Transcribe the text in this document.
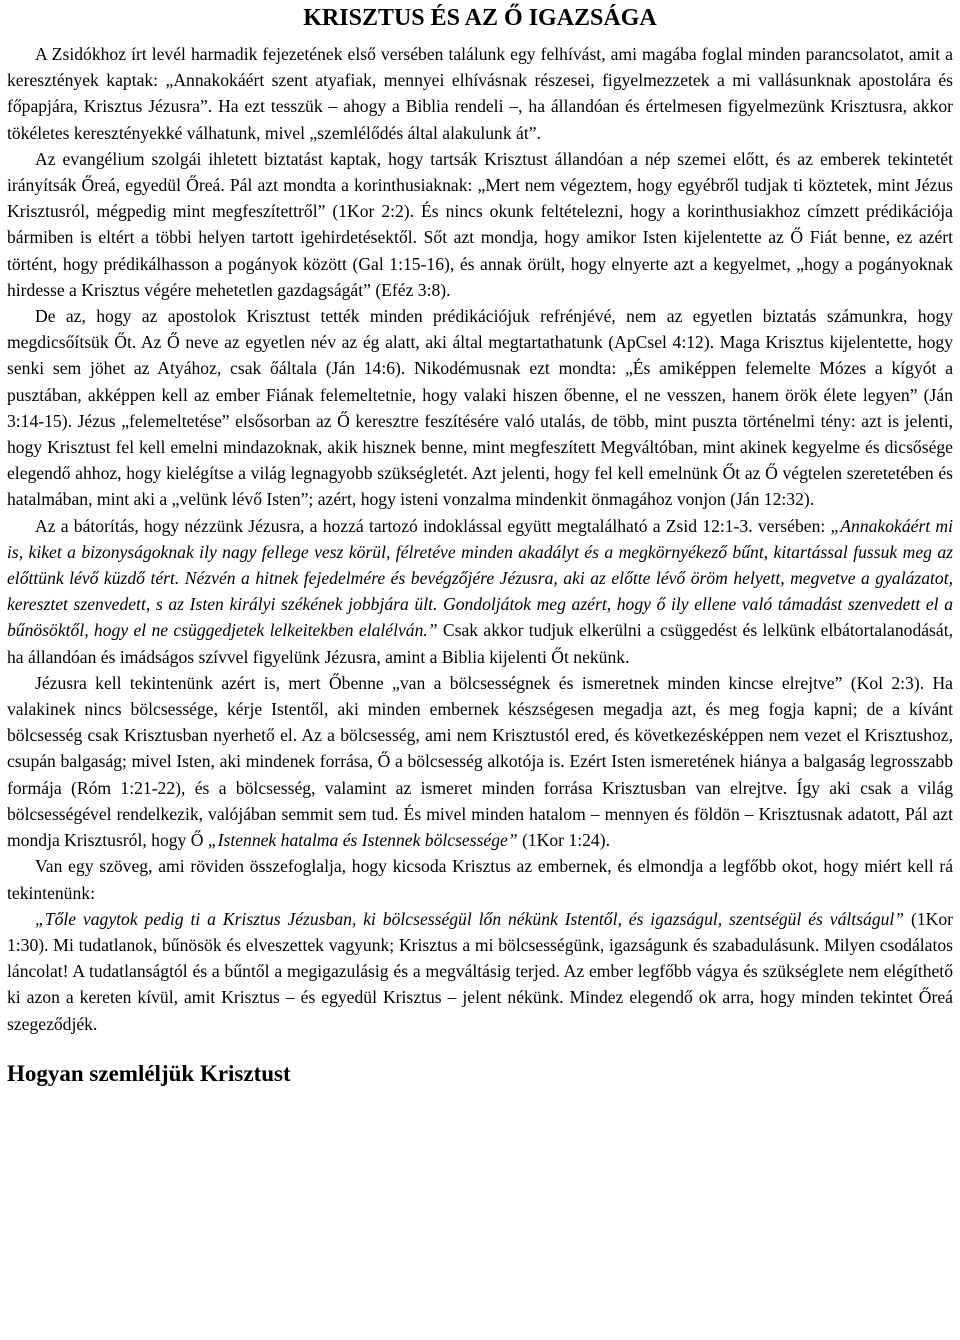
KRISZTUS ÉS AZ Ő IGAZSÁGA

A Zsidókhoz írt levél harmadik fejezetének első versében találunk egy felhívást, ami magába foglal minden parancsolatot, amit a keresztények kaptak: „Annakokáért szent atyafiak, mennyei elhívásnak részesei, figyelmezzetek a mi vallásunknak apostolára és főpapjára, Krisztus Jézusra”. Ha ezt tesszük – ahogy a Biblia rendeli –, ha állandóan és értelmesen figyelmezünk Krisztusra, akkor tökéletes keresztényekké válhatunk, mivel „szemlélődés által alakulunk át”.

Az evangélium szolgái ihletett biztatást kaptak, hogy tartsák Krisztust állandóan a nép szemei előtt, és az emberek tekintetét irányítsák Őreá, egyedül Őreá. Pál azt mondta a korinthusiaknak: „Mert nem végeztem, hogy egyébről tudjak ti köztetek, mint Jézus Krisztusról, mégpedig mint megfeszítettről” (1Kor 2:2). És nincs okunk feltételezni, hogy a korinthusiakhoz címzett prédikációja bármiben is eltért a többi helyen tartott igehirdetésektől. Sőt azt mondja, hogy amikor Isten kijelentette az Ő Fiát benne, ez azért történt, hogy prédikálhasson a pogányok között (Gal 1:15-16), és annak örült, hogy elnyerte azt a kegyelmet, „hogy a pogányoknak hirdesse a Krisztus végére mehetetlen gazdagságát” (Eféz 3:8).

De az, hogy az apostolok Krisztust tették minden prédikációjuk refrénjévé, nem az egyetlen biztatás számunkra, hogy megdicsőítsük Őt. Az Ő neve az egyetlen név az ég alatt, aki által megtartathatunk (ApCsel 4:12). Maga Krisztus kijelentette, hogy senki sem jöhet az Atyához, csak őáltala (Ján 14:6). Nikodémusnak ezt mondta: „És amiképpen felemelte Mózes a kígyót a pusztában, akképpen kell az ember Fiának felemeltetnie, hogy valaki hiszen őbenne, el ne vesszen, hanem örök élete legyen” (Ján 3:14-15). Jézus „felemeltetése” elsősorban az Ő keresztre feszítésére való utalás, de több, mint puszta történelmi tény: azt is jelenti, hogy Krisztust fel kell emelni mindazoknak, akik hisznek benne, mint megfeszített Megváltóban, mint akinek kegyelme és dicsősége elegendő ahhoz, hogy kielégítse a világ legnagyobb szükségletét. Azt jelenti, hogy fel kell emelnünk Őt az Ő végtelen szeretetében és hatalmában, mint aki a „velünk lévő Isten”; azért, hogy isteni vonzalma mindenkit önmagához vonjon (Ján 12:32).

Az a bátorítás, hogy nézzünk Jézusra, a hozzá tartozó indoklással együtt megtalálható a Zsid 12:1-3. versében: „Annakokáért mi is, kiket a bizonyságoknak ily nagy fellege vesz körül, félretéve minden akadályt és a megkörnyékező bűnt, kitartással fussuk meg az előttünk lévő küzdő tért. Nézvén a hitnek fejedelmére és bevégzőjére Jézusra, aki az előtte lévő öröm helyett, megvetve a gyalázatot, keresztet szenvedett, s az Isten királyi székének jobbjára ült. Gondoljátok meg azért, hogy ő ily ellene való támadást szenvedett el a bűnösöktől, hogy el ne csüggedjetek lelkeitekben elalélván.” Csak akkor tudjuk elkerülni a csüggedést és lelkünk elbátortalanodását, ha állandóan és imádságos szívvel figyelünk Jézusra, amint a Biblia kijelenti Őt nekünk.

Jézusra kell tekintenünk azért is, mert Őbenne „van a bölcsességnek és ismeretnek minden kincse elrejtve” (Kol 2:3). Ha valakinek nincs bölcsessége, kérje Istentől, aki minden embernek készségesen megadja azt, és meg fogja kapni; de a kívánt bölcsesség csak Krisztusban nyerhető el. Az a bölcsesség, ami nem Krisztustól ered, és következésképpen nem vezet el Krisztushoz, csupán balgaság; mivel Isten, aki mindenek forrása, Ő a bölcsesség alkotója is. Ezért Isten ismeretének hiánya a balgaság legrosszabb formája (Róm 1:21-22), és a bölcsesség, valamint az ismeret minden forrása Krisztusban van elrejtve. Így aki csak a világ bölcsességével rendelkezik, valójában semmit sem tud. És mivel minden hatalom – mennyen és földön – Krisztusnak adatott, Pál azt mondja Krisztusról, hogy Ő „Istennek hatalma és Istennek bölcsessége” (1Kor 1:24).

Van egy szöveg, ami röviden összefoglalja, hogy kicsoda Krisztus az embernek, és elmondja a legfőbb okot, hogy miért kell rá tekintenünk:

„Tőle vagytok pedig ti a Krisztus Jézusban, ki bölcsességül lőn nékünk Istentől, és igazságul, szentségül és váltságul” (1Kor 1:30). Mi tudatlanok, bűnösök és elveszettek vagyunk; Krisztus a mi bölcsességünk, igazságunk és szabadulásunk. Milyen csodálatos láncolat! A tudatlanságtól és a bűntől a megigazulásig és a megváltásig terjed. Az ember legfőbb vágya és szükséglete nem elégíthető ki azon a kereten kívül, amit Krisztus – és egyedül Krisztus – jelent nékünk. Mindez elegendő ok arra, hogy minden tekintet Őreá szegeződjék.

Hogyan szemléljük Krisztust
